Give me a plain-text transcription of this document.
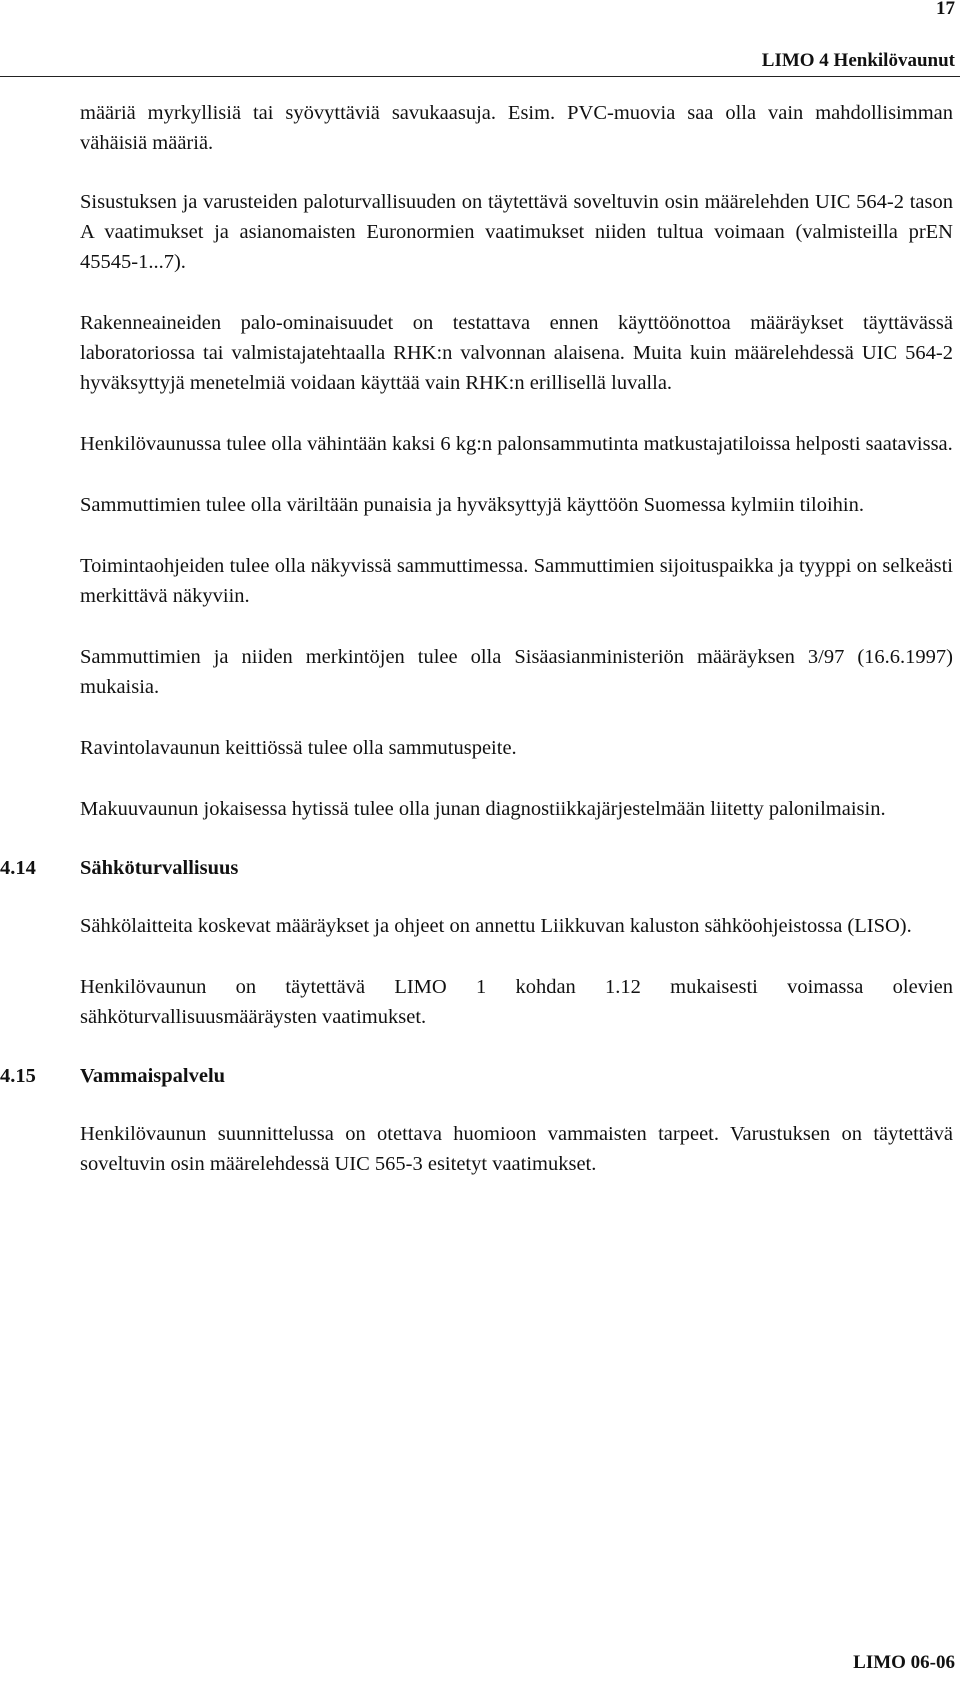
17
LIMO 4 Henkilövaunut

määriä myrkyllisiä tai syövyttäviä savukaasuja. Esim. PVC-muovia saa olla vain mahdollisimman vähäisiä määriä.

Sisustuksen ja varusteiden paloturvallisuuden on täytettävä soveltuvin osin määrelehden UIC 564-2 tason A vaatimukset ja asianomaisten Euronormien vaatimukset niiden tultua voimaan (valmisteilla prEN 45545-1...7).

Rakenneaineiden palo-ominaisuudet on testattava ennen käyttöönottoa määräykset täyttävässä laboratoriossa tai valmistajatehtaalla RHK:n valvonnan alaisena. Muita kuin määrelehdessä UIC 564-2 hyväksyttyjä menetelmiä voidaan käyttää vain RHK:n erillisellä luvalla.

Henkilövaunussa tulee olla vähintään kaksi 6 kg:n palonsammutinta matkustajatiloissa helposti saatavissa.

Sammuttimien tulee olla väriltään punaisia ja hyväksyttyjä käyttöön Suomessa kylmiin tiloihin.

Toimintaohjeiden tulee olla näkyvissä sammuttimessa. Sammuttimien sijoituspaikka ja tyyppi on selkeästi merkittävä näkyviin.

Sammuttimien ja niiden merkintöjen tulee olla Sisäasianministeriön määräyksen 3/97 (16.6.1997) mukaisia.

Ravintolavaunun keittiössä tulee olla sammutuspeite.

Makuuvaunun jokaisessa hytissä tulee olla junan diagnostiikkajärjestelmään liitetty palonilmaisin.

4.14 Sähköturvallisuus

Sähkölaitteita koskevat määräykset ja ohjeet on annettu Liikkuvan kaluston sähköohjeistossa (LISO).

Henkilövaunun on täytettävä LIMO 1 kohdan 1.12 mukaisesti voimassa olevien sähköturvallisuusmääräysten vaatimukset.

4.15 Vammaispalvelu

Henkilövaunun suunnittelussa on otettava huomioon vammaisten tarpeet. Varustuksen on täytettävä soveltuvin osin määrelehdessä UIC 565-3 esitetyt vaatimukset.

LIMO 06-06
